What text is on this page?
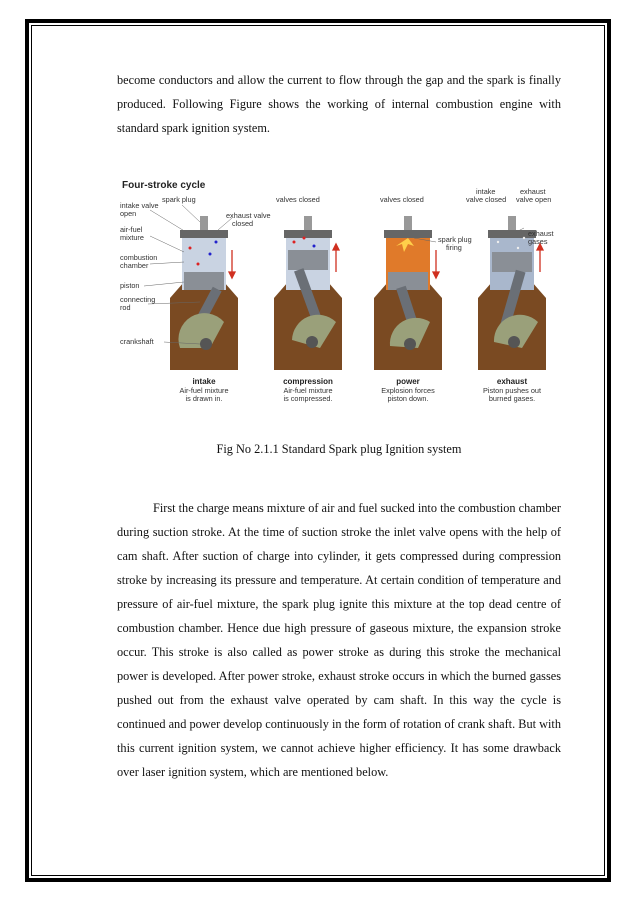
become conductors and allow the current to flow through the gap and the spark is finally produced. Following Figure shows the working of internal combustion engine with standard spark ignition system.
Four-stroke cycle
intake valve open
spark plug
exhaust valve closed
air-fuel mixture
combustion chamber
piston
connecting rod
crankshaft
valves closed	valves closed
spark plug firing
intake valve closed
exhaust valve open
exhaust gases
intake
Air-fuel mixture
is drawn in.
compression
Air-fuel mixture
is compressed.
power
Explosion forces
piston down.
exhaust
Piston pushes out
burned gases.
Fig No 2.1.1 Standard Spark plug Ignition system
First the charge means mixture of air and fuel sucked into the combustion chamber during suction stroke. At the time of suction stroke the inlet valve opens with the help of cam shaft. After suction of charge into cylinder, it gets compressed during compression stroke by increasing its pressure and temperature. At certain condition of temperature and pressure of air-fuel mixture, the spark plug ignite this mixture at the top dead centre of combustion chamber. Hence due high pressure of gaseous mixture, the expansion stroke occur. This stroke is also called as power stroke as during this stroke the mechanical power is developed. After power stroke, exhaust stroke occurs in which the burned gasses pushed out from the exhaust valve operated by cam shaft. In this way the cycle is continued and power develop continuously in the form of rotation of crank shaft. But with this current ignition system, we cannot achieve higher efficiency. It has some drawback over laser ignition system, which are mentioned below.
